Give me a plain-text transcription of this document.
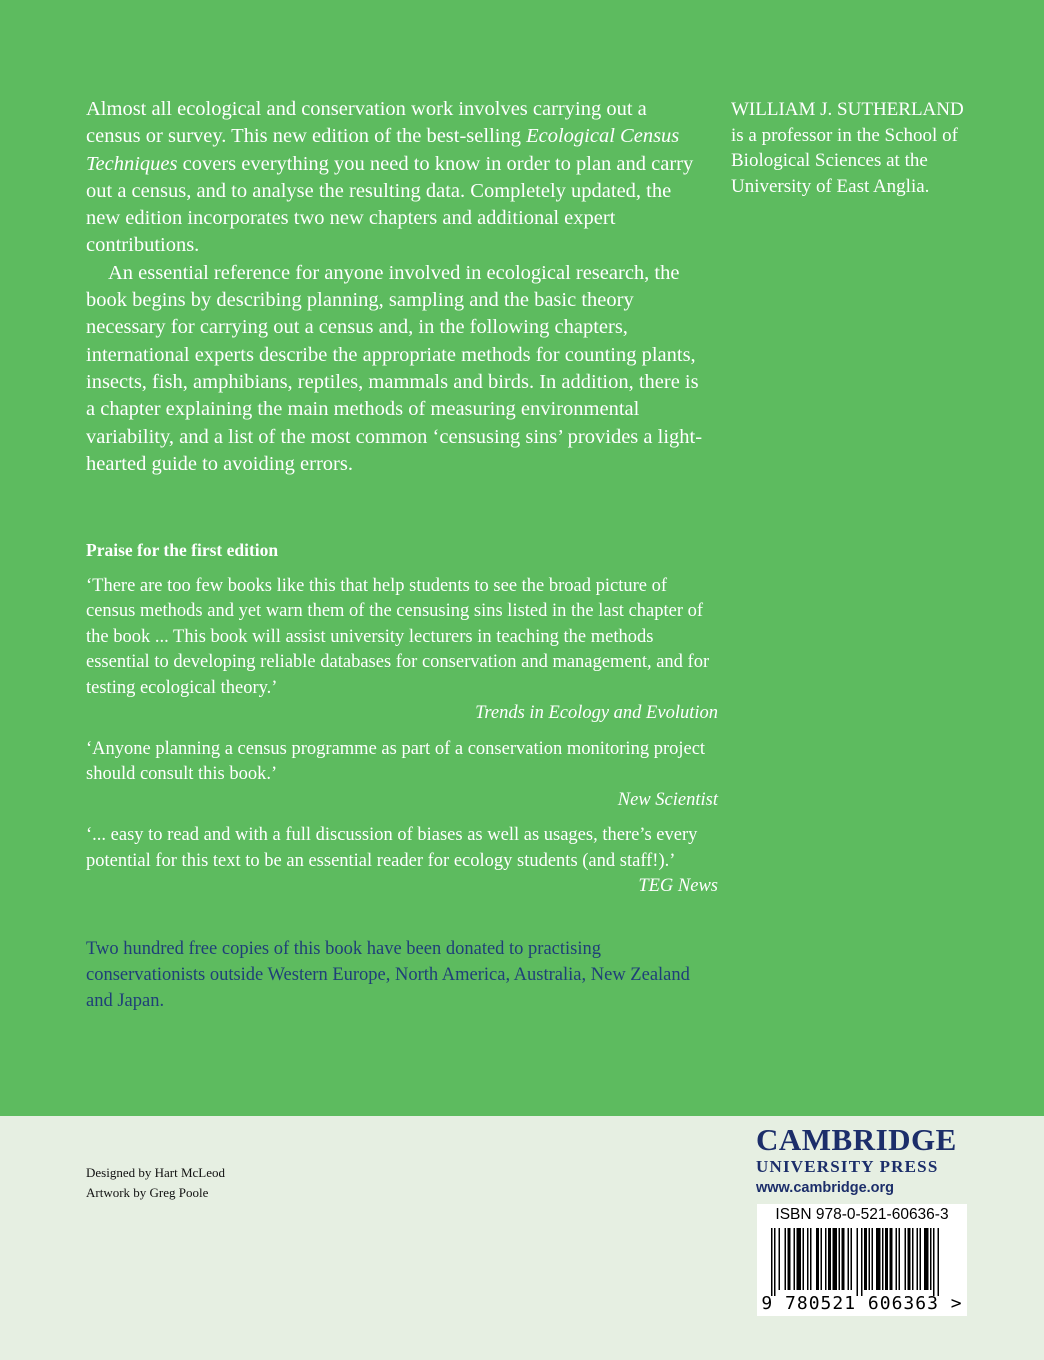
Almost all ecological and conservation work involves carrying out a census or survey. This new edition of the best-selling Ecological Census Techniques covers everything you need to know in order to plan and carry out a census, and to analyse the resulting data. Completely updated, the new edition incorporates two new chapters and additional expert contributions.

An essential reference for anyone involved in ecological research, the book begins by describing planning, sampling and the basic theory necessary for carrying out a census and, in the following chapters, international experts describe the appropriate methods for counting plants, insects, fish, amphibians, reptiles, mammals and birds. In addition, there is a chapter explaining the main methods of measuring environmental variability, and a list of the most common ‘censusing sins’ provides a light-hearted guide to avoiding errors.

WILLIAM J. SUTHERLAND is a professor in the School of Biological Sciences at the University of East Anglia.
Praise for the first edition
‘There are too few books like this that help students to see the broad picture of census methods and yet warn them of the censusing sins listed in the last chapter of the book ... This book will assist university lecturers in teaching the methods essential to developing reliable databases for conservation and management, and for testing ecological theory.’
Trends in Ecology and Evolution
‘Anyone planning a census programme as part of a conservation monitoring project should consult this book.’
New Scientist
‘... easy to read and with a full discussion of biases as well as usages, there’s every potential for this text to be an essential reader for ecology students (and staff!).’
TEG News
Two hundred free copies of this book have been donated to practising conservationists outside Western Europe, North America, Australia, New Zealand and Japan.
Designed by Hart McLeod
Artwork by Greg Poole
CAMBRIDGE
UNIVERSITY PRESS
www.cambridge.org
ISBN 978-0-521-60636-3
9 780521 606363 >
